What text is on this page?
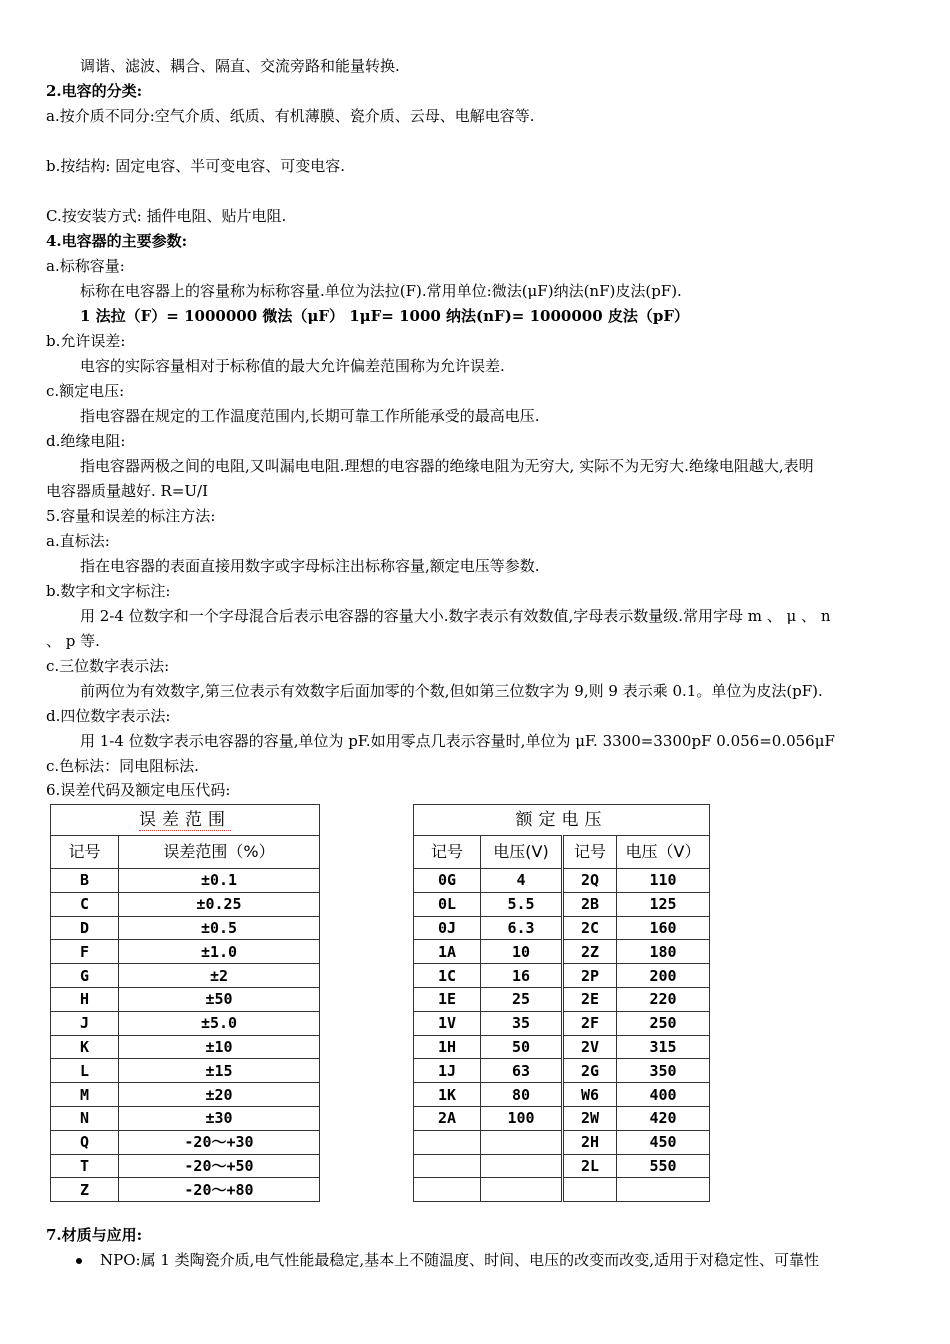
调谐、滤波、耦合、隔直、交流旁路和能量转换.
2.电容的分类:
a.按介质不同分:空气介质、纸质、有机薄膜、瓷介质、云母、电解电容等.
b.按结构: 固定电容、半可变电容、可变电容.
C.按安装方式: 插件电阻、贴片电阻.
4.电容器的主要参数:
a.标称容量:
标称在电容器上的容量称为标称容量.单位为法拉(F).常用单位:微法(μF)纳法(nF)皮法(pF).
1 法拉（F）= 1000000 微法（μF） 1μF= 1000 纳法(nF)= 1000000 皮法（pF）
b.允许误差:
电容的实际容量相对于标称值的最大允许偏差范围称为允许误差.
c.额定电压:
指电容器在规定的工作温度范围内,长期可靠工作所能承受的最高电压.
d.绝缘电阻:
指电容器两极之间的电阻,又叫漏电电阻.理想的电容器的绝缘电阻为无穷大, 实际不为无穷大.绝缘电阻越大,表明
电容器质量越好. R=U/I
5.容量和误差的标注方法:
a.直标法:
指在电容器的表面直接用数字或字母标注出标称容量,额定电压等参数.
b.数字和文字标注:
用 2-4 位数字和一个字母混合后表示电容器的容量大小.数字表示有效数值,字母表示数量级.常用字母 m 、 μ 、 n
、 p 等.
c.三位数字表示法:
前两位为有效数字,第三位表示有效数字后面加零的个数,但如第三位数字为 9,则 9 表示乘 0.1。单位为皮法(pF).
d.四位数字表示法:
用 1-4 位数字表示电容器的容量,单位为 pF.如用零点几表示容量时,单位为 μF. 3300=3300pF 0.056=0.056μF
c.色标法：同电阻标法.
6.误差代码及额定电压代码:
误差范围	
记号	误差范围（%）
B	±0.1
C	±0.25
D	±0.5
F	±1.0
G	±2
H	±50
J	±5.0
K	±10
L	±15
M	±20
N	±30
Q	-20～+30
T	-20～+50
Z	-20～+80
额定电压			
记号	电压(V)	记号	电压（V）
0G	4	2Q	110
0L	5.5	2B	125
0J	6.3	2C	160
1A	10	2Z	180
1C	16	2P	200
1E	25	2E	220
1V	35	2F	250
1H	50	2V	315
1J	63	2G	350
1K	80	W6	400
2A	100	2W	420
		2H	450
		2L	550

7.材质与应用:
NPO:属 1 类陶瓷介质,电气性能最稳定,基本上不随温度、时间、电压的改变而改变,适用于对稳定性、可靠性
